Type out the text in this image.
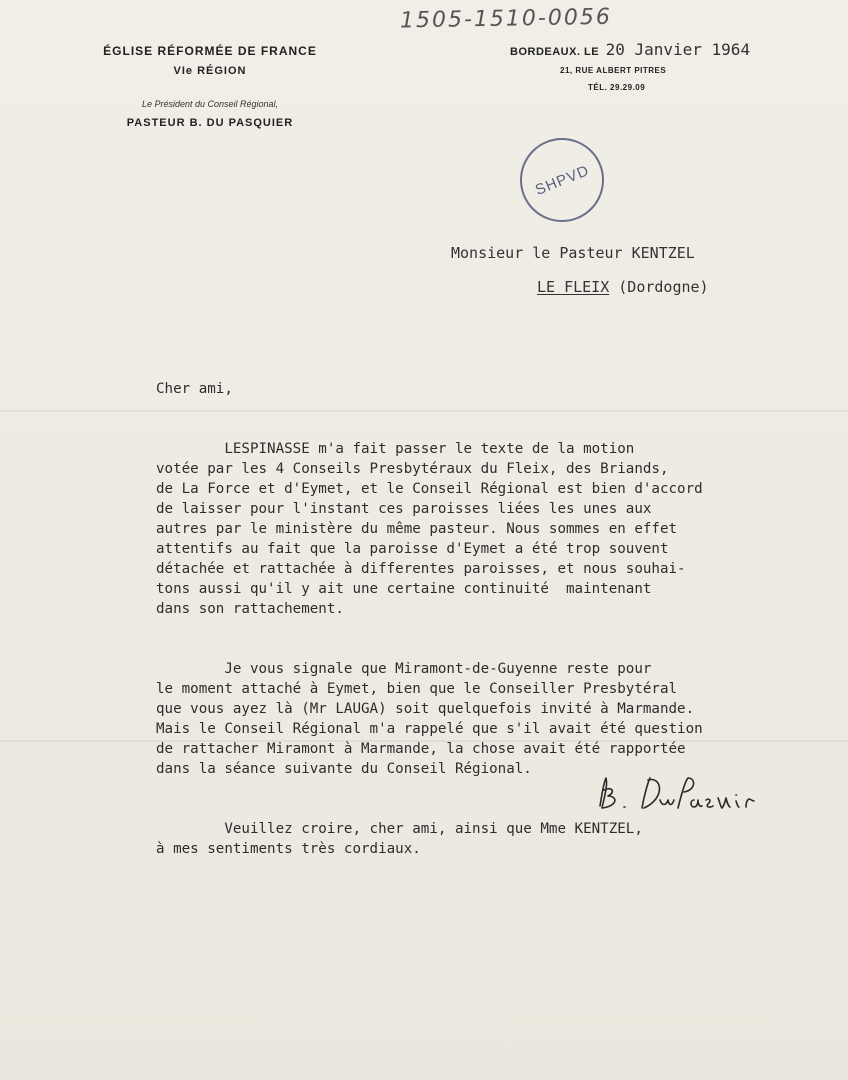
1505-1510-0056
ÉGLISE RÉFORMÉE DE FRANCE
VIe RÉGION
Le Président du Conseil Régional,
PASTEUR B. DU PASQUIER
BORDEAUX. LE 20 Janvier 1964
21, RUE ALBERT PITRES
TÉL. 29.29.09
SHPVD
Monsieur le Pasteur KENTZEL
LE FLEIX (Dordogne)
Cher ami,

LESPINASSE m'a fait passer le texte de la motion
votée par les 4 Conseils Presbytéraux du Fleix, des Briands,
de La Force et d'Eymet, et le Conseil Régional est bien d'accord
de laisser pour l'instant ces paroisses liées les unes aux
autres par le ministère du même pasteur. Nous sommes en effet
attentifs au fait que la paroisse d'Eymet a été trop souvent
détachée et rattachée à differentes paroisses, et nous souhai-
tons aussi qu'il y ait une certaine continuité  maintenant
dans son rattachement.

Je vous signale que Miramont-de-Guyenne reste pour
le moment attaché à Eymet, bien que le Conseiller Presbytéral
que vous ayez là (Mr LAUGA) soit quelquefois invité à Marmande.
Mais le Conseil Régional m'a rappelé que s'il avait été question
de rattacher Miramont à Marmande, la chose avait été rapportée
dans la séance suivante du Conseil Régional.

Veuillez croire, cher ami, ainsi que Mme KENTZEL,
à mes sentiments très cordiaux.
